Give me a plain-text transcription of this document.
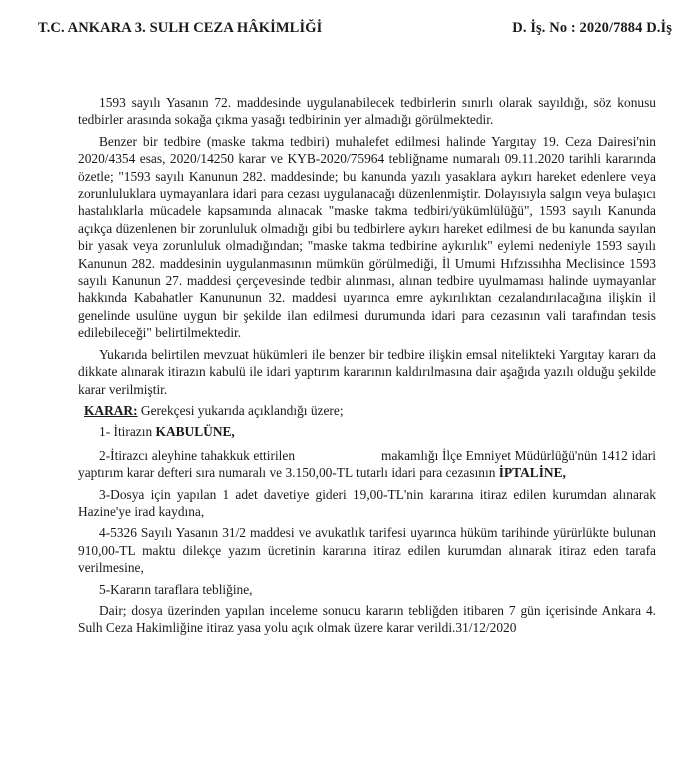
T.C. ANKARA 3. SULH CEZA HÂKİMLİĞİ	D. İş. No : 2020/7884 D.İş

1593 sayılı Yasanın 72. maddesinde uygulanabilecek tedbirlerin sınırlı olarak sayıldığı, söz konusu tedbirler arasında sokağa çıkma yasağı tedbirinin yer almadığı görülmektedir.

Benzer bir tedbire (maske takma tedbiri) muhalefet edilmesi halinde Yargıtay 19. Ceza Dairesi'nin 2020/4354 esas, 2020/14250 karar ve KYB-2020/75964 tebliğname numaralı 09.11.2020 tarihli kararında özetle; "1593 sayılı Kanunun 282. maddesinde; bu kanunda yazılı yasaklara aykırı hareket edenlere veya zorunluluklara uymayanlara idari para cezası uygulanacağı düzenlenmiştir. Dolayısıyla salgın veya bulaşıcı hastalıklarla mücadele kapsamında alınacak "maske takma tedbiri/yükümlülüğü", 1593 sayılı Kanunda açıkça düzenlenen bir zorunluluk olmadığı gibi bu tedbirlere aykırı hareket edilmesi de bu kanunda sayılan bir yasak veya zorunluluk olmadığından; "maske takma tedbirine aykırılık" eylemi nedeniyle 1593 sayılı Kanunun 282. maddesinin uygulanmasının mümkün görülmediği, İl Umumi Hıfzıssıhha Meclisince 1593 sayılı Kanunun 27. maddesi çerçevesinde tedbir alınması, alınan tedbire uyulmaması halinde uymayanlar hakkında Kabahatler Kanununun 32. maddesi uyarınca emre aykırılıktan cezalandırılacağına ilişkin il genelinde usulüne uygun bir şekilde ilan edilmesi durumunda idari para cezasının vali tarafından tesis edilebileceği" belirtilmektedir.

Yukarıda belirtilen mevzuat hükümleri ile benzer bir tedbire ilişkin emsal nitelikteki Yargıtay kararı da dikkate alınarak itirazın kabulü ile idari yaptırım kararının kaldırılmasına dair aşağıda yazılı olduğu şekilde karar verilmiştir.

KARAR: Gerekçesi yukarıda açıklandığı üzere;
1- İtirazın KABULÜNE,
2-İtirazcı aleyhine tahakkuk ettirilen	makamlığı İlçe Emniyet Müdürlüğü'nün 1412 idari yaptırım karar defteri sıra numaralı ve 3.150,00-TL tutarlı idari para cezasının İPTALİNE,
3-Dosya için yapılan 1 adet davetiye gideri 19,00-TL'nin kararına itiraz edilen kurumdan alınarak Hazine'ye irad kaydına,
4-5326 Sayılı Yasanın 31/2 maddesi ve avukatlık tarifesi uyarınca hüküm tarihinde yürürlükte bulunan 910,00-TL maktu dilekçe yazım ücretinin kararına itiraz edilen kurumdan alınarak itiraz eden tarafa verilmesine,
5-Kararın taraflara tebliğine,
Dair; dosya üzerinden yapılan inceleme sonucu kararın tebliğden itibaren 7 gün içerisinde Ankara 4. Sulh Ceza Hakimliğine itiraz yasa yolu açık olmak üzere karar verildi.31/12/2020
